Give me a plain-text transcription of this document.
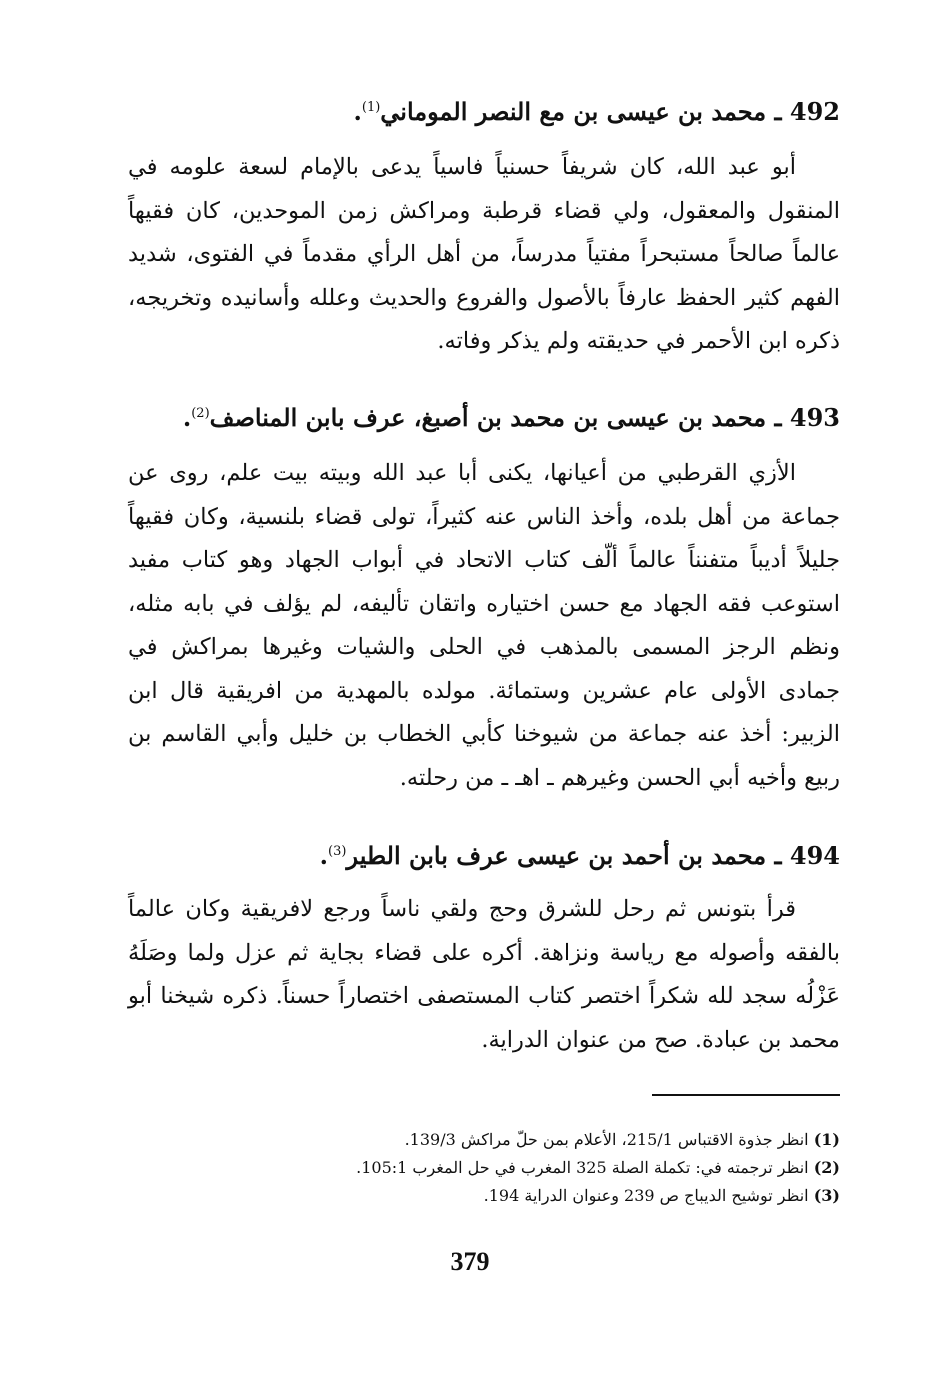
492 ـ محمد بن عيسى بن مع النصر الموماني$^{(1)}$.

أبو عبد الله، كان شريفاً حسنياً فاسياً يدعى بالإمام لسعة علومه في المنقول والمعقول، ولي قضاء قرطبة ومراكش زمن الموحدين، كان فقيهاً عالماً صالحاً مستبحراً مفتياً مدرساً، من أهل الرأي مقدماً في الفتوى، شديد الفهم كثير الحفظ عارفاً بالأصول والفروع والحديث وعلله وأسانيده وتخريجه، ذكره ابن الأحمر في حديقته ولم يذكر وفاته.

493 ـ محمد بن عيسى بن محمد بن أصبغ، عرف بابن المناصف$^{(2)}$.

الأزي القرطبي من أعيانها، يكنى أبا عبد الله وبيته بيت علم، روى عن جماعة من أهل بلده، وأخذ الناس عنه كثيراً، تولى قضاء بلنسية، وكان فقيهاً جليلاً أديباً متفنناً عالماً ألّف كتاب الاتحاد في أبواب الجهاد وهو كتاب مفيد استوعب فقه الجهاد مع حسن اختياره واتقان تأليفه، لم يؤلف في بابه مثله، ونظم الرجز المسمى بالمذهب في الحلى والشيات وغيرها بمراكش في جمادى الأولى عام عشرين وستمائة. مولده بالمهدية من افريقية قال ابن الزبير: أخذ عنه جماعة من شيوخنا كأبي الخطاب بن خليل وأبي القاسم بن ربيع وأخيه أبي الحسن وغيرهم ـ اهـ ـ من رحلته.

494 ـ محمد بن أحمد بن عيسى عرف بابن الطير$^{(3)}$.

قرأ بتونس ثم رحل للشرق وحج ولقي ناساً ورجع لافريقية وكان عالماً بالفقه وأصوله مع رياسة ونزاهة. أكره على قضاء بجاية ثم عزل ولما وصَلَهُ عَزْلُه سجد لله شكراً اختصر كتاب المستصفى اختصاراً حسناً. ذكره شيخنا أبو محمد بن عبادة. صح من عنوان الدراية.

(1) انظر جذوة الاقتباس 215/1، الأعلام بمن حلّ مراكش 139/3.
(2) انظر ترجمته في: تكملة الصلة 325 المغرب في حل المغرب 105:1.
(3) انظر توشيح الديباج ص 239 وعنوان الدراية 194.
379
